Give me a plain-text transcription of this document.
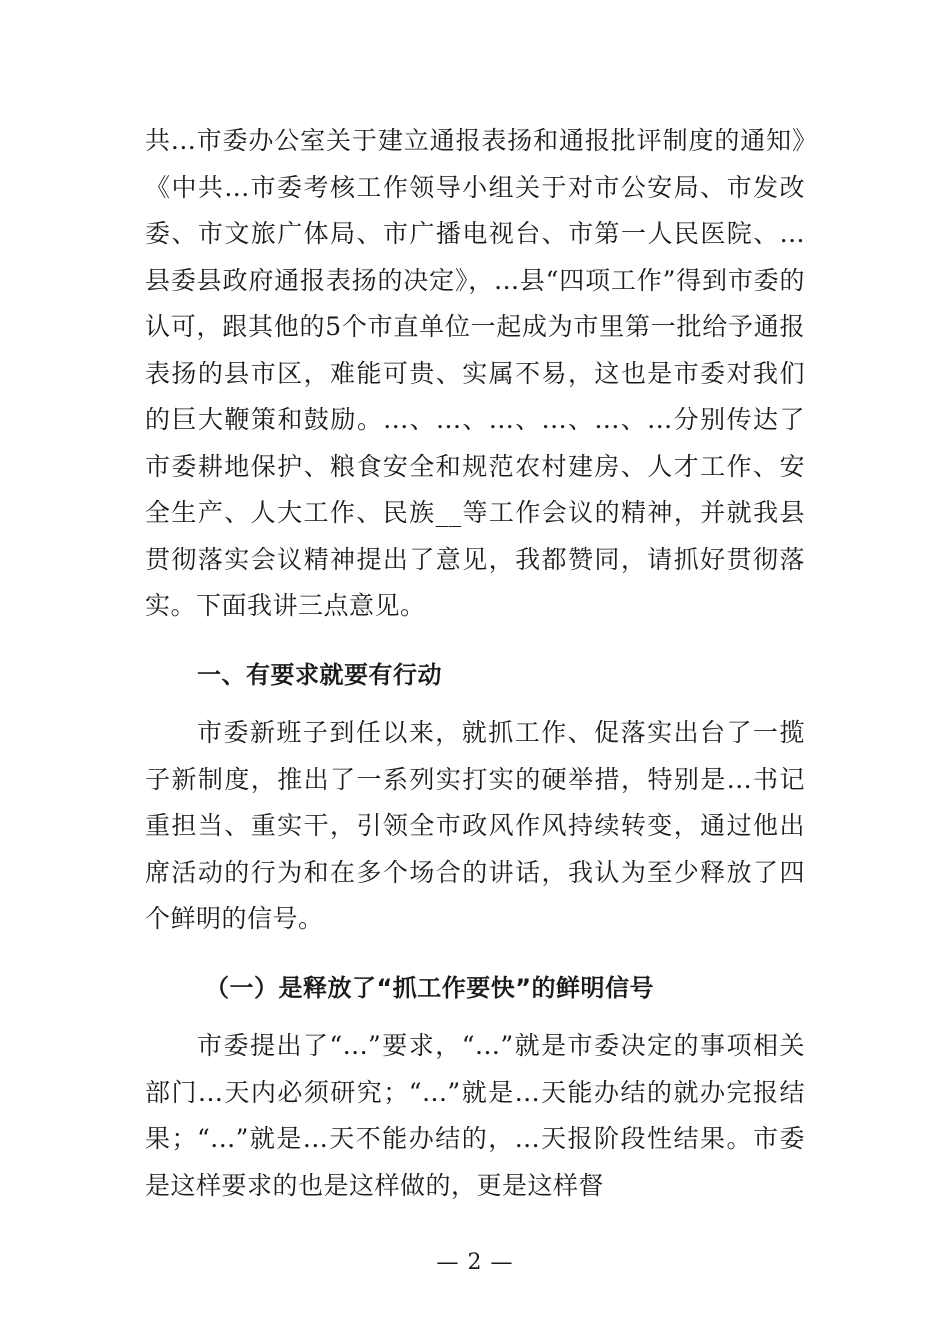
共...市委办公室关于建立通报表扬和通报批评制度的通知》《中共...市委考核工作领导小组关于对市公安局、市发改委、市文旅广体局、市广播电视台、市第一人民医院、...县委县政府通报表扬的决定》，...县“四项工作”得到市委的认可，跟其他的5个市直单位一起成为市里第一批给予通报表扬的县市区，难能可贵、实属不易，这也是市委对我们的巨大鞭策和鼓励。...、...、...、...、...、...分别传达了市委耕地保护、粮食安全和规范农村建房、人才工作、安全生产、人大工作、民族__等工作会议的精神，并就我县贯彻落实会议精神提出了意见，我都赞同，请抓好贯彻落实。下面我讲三点意见。

一、有要求就要有行动

市委新班子到任以来，就抓工作、促落实出台了一揽子新制度，推出了一系列实打实的硬举措，特别是...书记重担当、重实干，引领全市政风作风持续转变，通过他出席活动的行为和在多个场合的讲话，我认为至少释放了四个鲜明的信号。

（一）是释放了“抓工作要快”的鲜明信号

市委提出了“...”要求，“...”就是市委决定的事项相关部门...天内必须研究；“...”就是...天能办结的就办完报结果；“...”就是...天不能办结的，...天报阶段性结果。市委是这样要求的也是这样做的，更是这样督

— 2 —
